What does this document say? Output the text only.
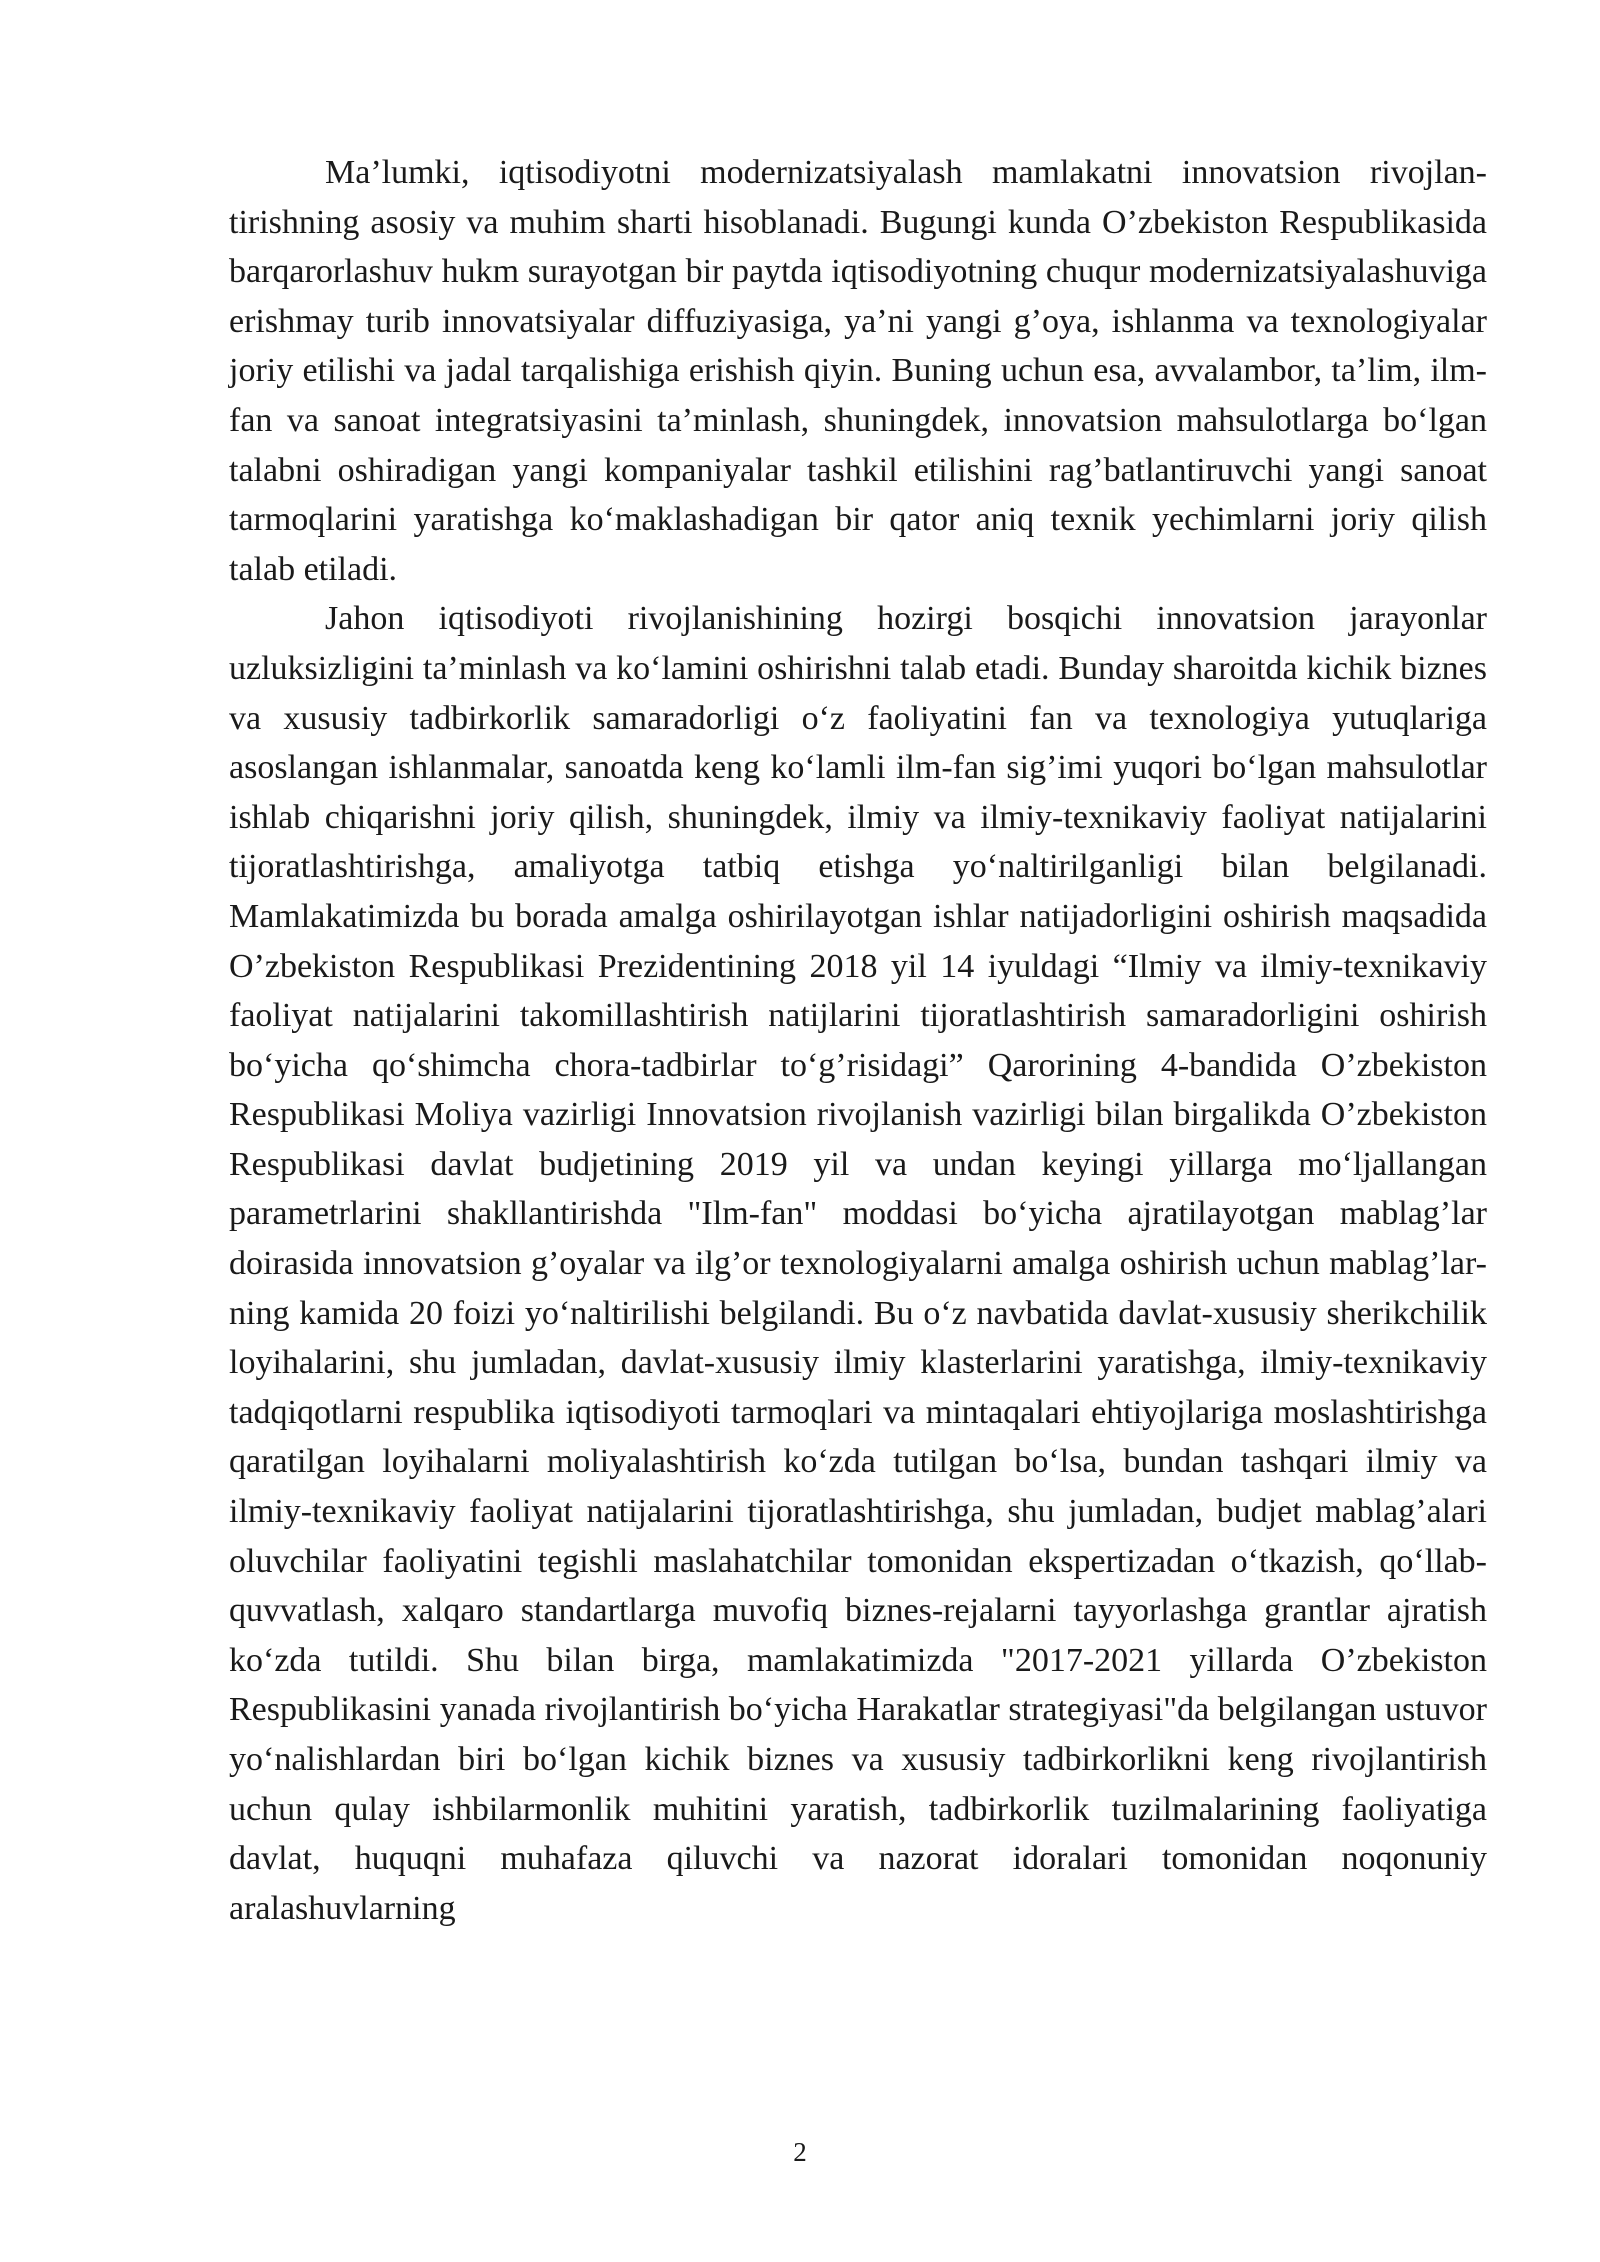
Ma’lumki, iqtisodiyotni modernizatsiyalash mamlakatni innovatsion rivojlan-tirishning asosiy va muhim sharti hisoblanadi. Bugungi kunda O’zbekiston Respublikasida barqarorlashuv hukm surayotgan bir paytda iqtisodiyotning chuqur modernizatsiyalashuviga erishmay turib innovatsiyalar diffuziyasiga, ya’ni yangi g’oya, ishlanma va texnologiyalar joriy etilishi va jadal tarqalishiga erishish qiyin. Buning uchun esa, avvalambor, ta’lim, ilm-fan va sanoat integratsiyasini ta’minlash, shuningdek, innovatsion mahsulotlarga bo‘lgan talabni oshiradigan yangi kompaniyalar tashkil etilishini rag’batlantiruvchi yangi sanoat tarmoqlarini yaratishga ko‘maklashadigan bir qator aniq texnik yechimlarni joriy qilish talab etiladi.

Jahon iqtisodiyoti rivojlanishining hozirgi bosqichi innovatsion jarayonlar uzluksizligini ta’minlash va ko‘lamini oshirishni talab etadi. Bunday sharoitda kichik biznes va xususiy tadbirkorlik samaradorligi o‘z faoliyatini fan va texnologiya yutuqlariga asoslangan ishlanmalar, sanoatda keng ko‘lamli ilm-fan sig’imi yuqori bo‘lgan mahsulotlar ishlab chiqarishni joriy qilish, shuningdek, ilmiy va ilmiy-texnikaviy faoliyat natijalarini tijoratlashtirishga, amaliyotga tatbiq etishga yo‘naltirilganligi bilan belgilanadi. Mamlakatimizda bu borada amalga oshirilayotgan ishlar natijadorligini oshirish maqsadida O’zbekiston Respublikasi Prezidentining 2018 yil 14 iyuldagi “Ilmiy va ilmiy-texnikaviy faoliyat natijalarini takomillashtirish natijlarini tijoratlashtirish samaradorligini oshirish bo‘yicha qo‘shimcha chora-tadbirlar to‘g’risidagi” Qarorining 4-bandida O’zbekiston Respublikasi Moliya vazirligi Innovatsion rivojlanish vazirligi bilan birgalikda O’zbekiston Respublikasi davlat budjetining 2019 yil va undan keyingi yillarga mo‘ljallangan parametrlarini shakllantirishda "Ilm-fan" moddasi bo‘yicha ajratilayotgan mablag’lar doirasida innovatsion g’oyalar va ilg’or texnologiyalarni amalga oshirish uchun mablag’lar-ning kamida 20 foizi yo‘naltirilishi belgilandi. Bu o‘z navbatida davlat-xususiy sherikchilik loyihalarini, shu jumladan, davlat-xususiy ilmiy klasterlarini yaratishga, ilmiy-texnikaviy tadqiqotlarni respublika iqtisodiyoti tarmoqlari va mintaqalari ehtiyojlariga moslashtirishga qaratilgan loyihalarni moliyalashtirish ko‘zda tutilgan bo‘lsa, bundan tashqari ilmiy va ilmiy-texnikaviy faoliyat natijalarini tijoratlashtirishga, shu jumladan, budjet mablag’alari oluvchilar faoliyatini tegishli maslahatchilar tomonidan ekspertizadan o‘tkazish, qo‘llab-quvvatlash, xalqaro standartlarga muvofiq biznes-rejalarni tayyorlashga grantlar ajratish ko‘zda tutildi. Shu bilan birga, mamlakatimizda "2017-2021 yillarda O’zbekiston Respublikasini yanada rivojlantirish bo‘yicha Harakatlar strategiyasi"da belgilangan ustuvor yo‘nalishlardan biri bo‘lgan kichik biznes va xususiy tadbirkorlikni keng rivojlantirish uchun qulay ishbilarmonlik muhitini yaratish, tadbirkorlik tuzilmalarining faoliyatiga davlat, huquqni muhafaza qiluvchi va nazorat idoralari tomonidan noqonuniy aralashuvlarning

2
